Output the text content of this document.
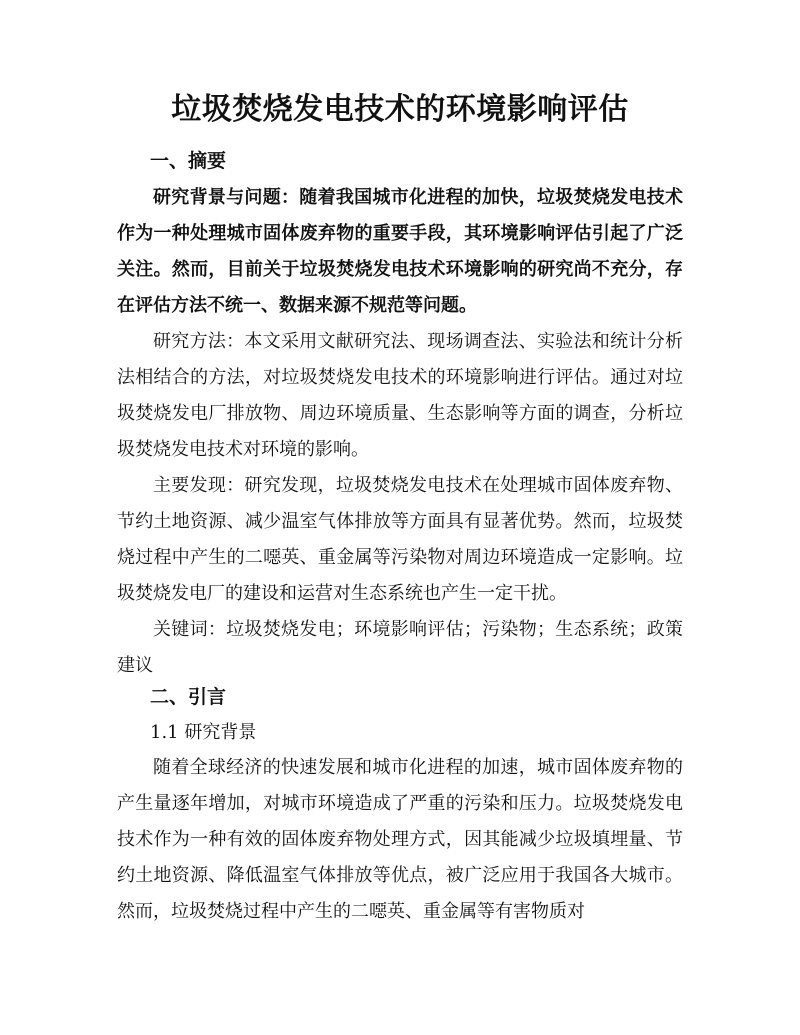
垃圾焚烧发电技术的环境影响评估
一、摘要

研究背景与问题：随着我国城市化进程的加快，垃圾焚烧发电技术作为一种处理城市固体废弃物的重要手段，其环境影响评估引起了广泛关注。然而，目前关于垃圾焚烧发电技术环境影响的研究尚不充分，存在评估方法不统一、数据来源不规范等问题。

研究方法：本文采用文献研究法、现场调查法、实验法和统计分析法相结合的方法，对垃圾焚烧发电技术的环境影响进行评估。通过对垃圾焚烧发电厂排放物、周边环境质量、生态影响等方面的调查，分析垃圾焚烧发电技术对环境的影响。

主要发现：研究发现，垃圾焚烧发电技术在处理城市固体废弃物、节约土地资源、减少温室气体排放等方面具有显著优势。然而，垃圾焚烧过程中产生的二噁英、重金属等污染物对周边环境造成一定影响。垃圾焚烧发电厂的建设和运营对生态系统也产生一定干扰。

关键词：垃圾焚烧发电；环境影响评估；污染物；生态系统；政策建议

二、引言
1.1 研究背景

随着全球经济的快速发展和城市化进程的加速，城市固体废弃物的产生量逐年增加，对城市环境造成了严重的污染和压力。垃圾焚烧发电技术作为一种有效的固体废弃物处理方式，因其能减少垃圾填埋量、节约土地资源、降低温室气体排放等优点，被广泛应用于我国各大城市。然而，垃圾焚烧过程中产生的二噁英、重金属等有害物质对
